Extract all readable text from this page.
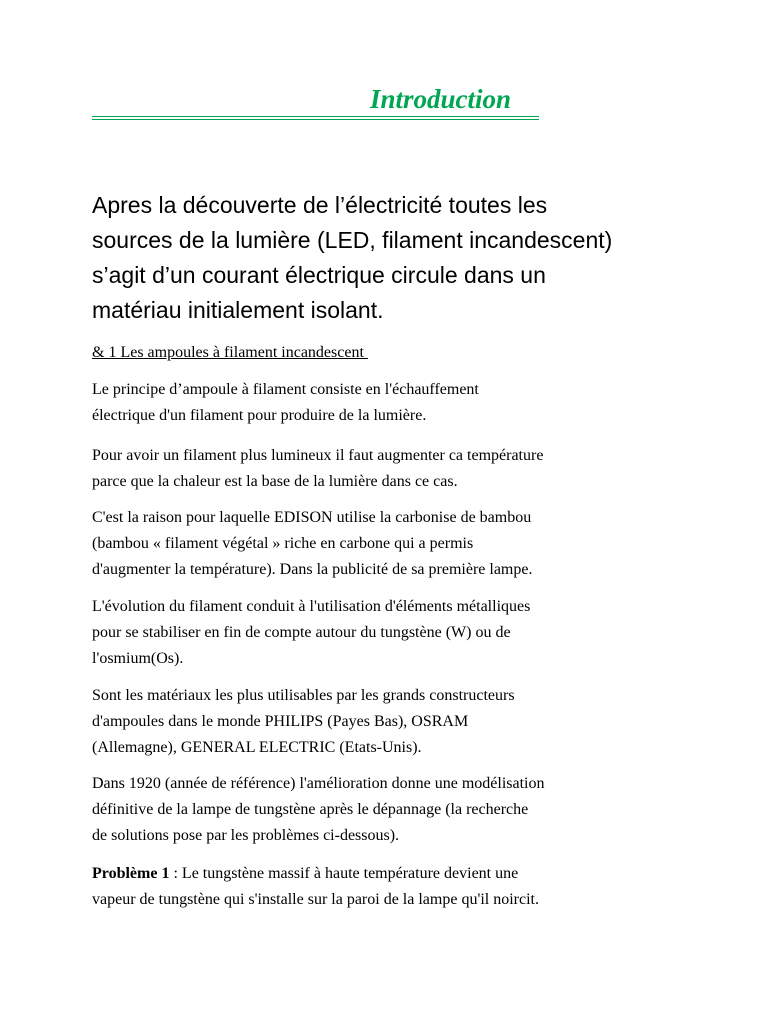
Introduction

Apres la découverte de l’électricité toutes les
sources de la lumière (LED, filament incandescent)
s’agit d’un courant électrique circule dans un
matériau initialement isolant.

& 1 Les ampoules à filament incandescent

Le principe d’ampoule à filament consiste en l'échauffement
électrique d'un filament pour produire de la lumière.

Pour avoir un filament plus lumineux il faut augmenter ca température
parce que la chaleur est la base de la lumière dans ce cas.

C'est la raison pour laquelle EDISON utilise la carbonise de bambou
(bambou « filament végétal » riche en carbone qui a permis
d'augmenter la température). Dans la publicité de sa première lampe.

L'évolution du filament conduit à l'utilisation d'éléments métalliques
pour se stabiliser en fin de compte autour du tungstène (W) ou de
l'osmium(Os).

Sont les matériaux les plus utilisables par les grands constructeurs
d'ampoules dans le monde PHILIPS (Payes Bas), OSRAM
(Allemagne), GENERAL ELECTRIC (Etats-Unis).

Dans 1920 (année de référence) l'amélioration donne une modélisation
définitive de la lampe de tungstène après le dépannage (la recherche
de solutions pose par les problèmes ci-dessous).

Problème 1 : Le tungstène massif à haute température devient une
vapeur de tungstène qui s'installe sur la paroi de la lampe qu'il noircit.
